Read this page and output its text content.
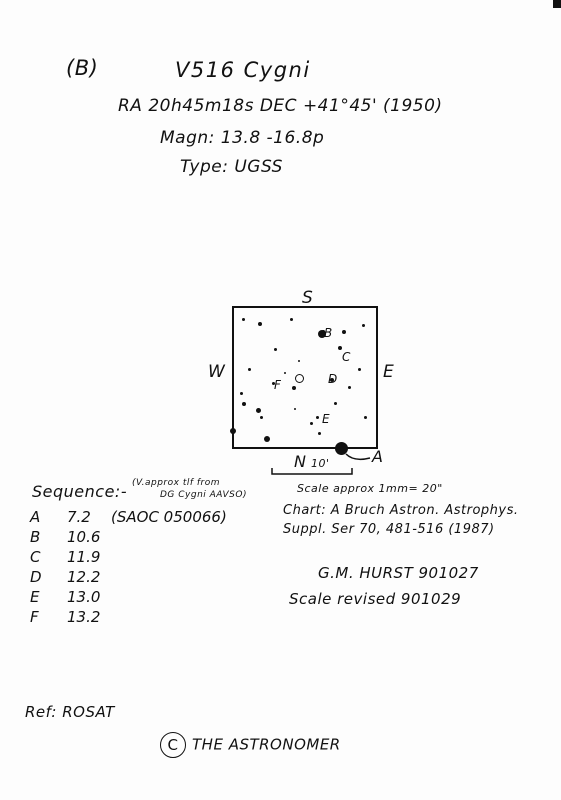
(B)	V516 Cygni
RA 20h45m18s DEC +41°45' (1950)
Magn: 13.8 -16.8p
Type: UGSS
S
W	E
B
C
D
E
F
A
N 10'
Sequence:- (V.approx tlf from
DG Cygni AAVSO)
A 7.2 (SAOC 050066)
B 10.6
C 11.9
D 12.2
E 13.0
F 13.2
Scale approx 1mm= 20"
Chart: A Bruch Astron. Astrophys.
Suppl. Ser 70, 481-516 (1987)
G.M. HURST 901027
Scale revised 901029
Ref: ROSAT
C THE ASTRONOMER
